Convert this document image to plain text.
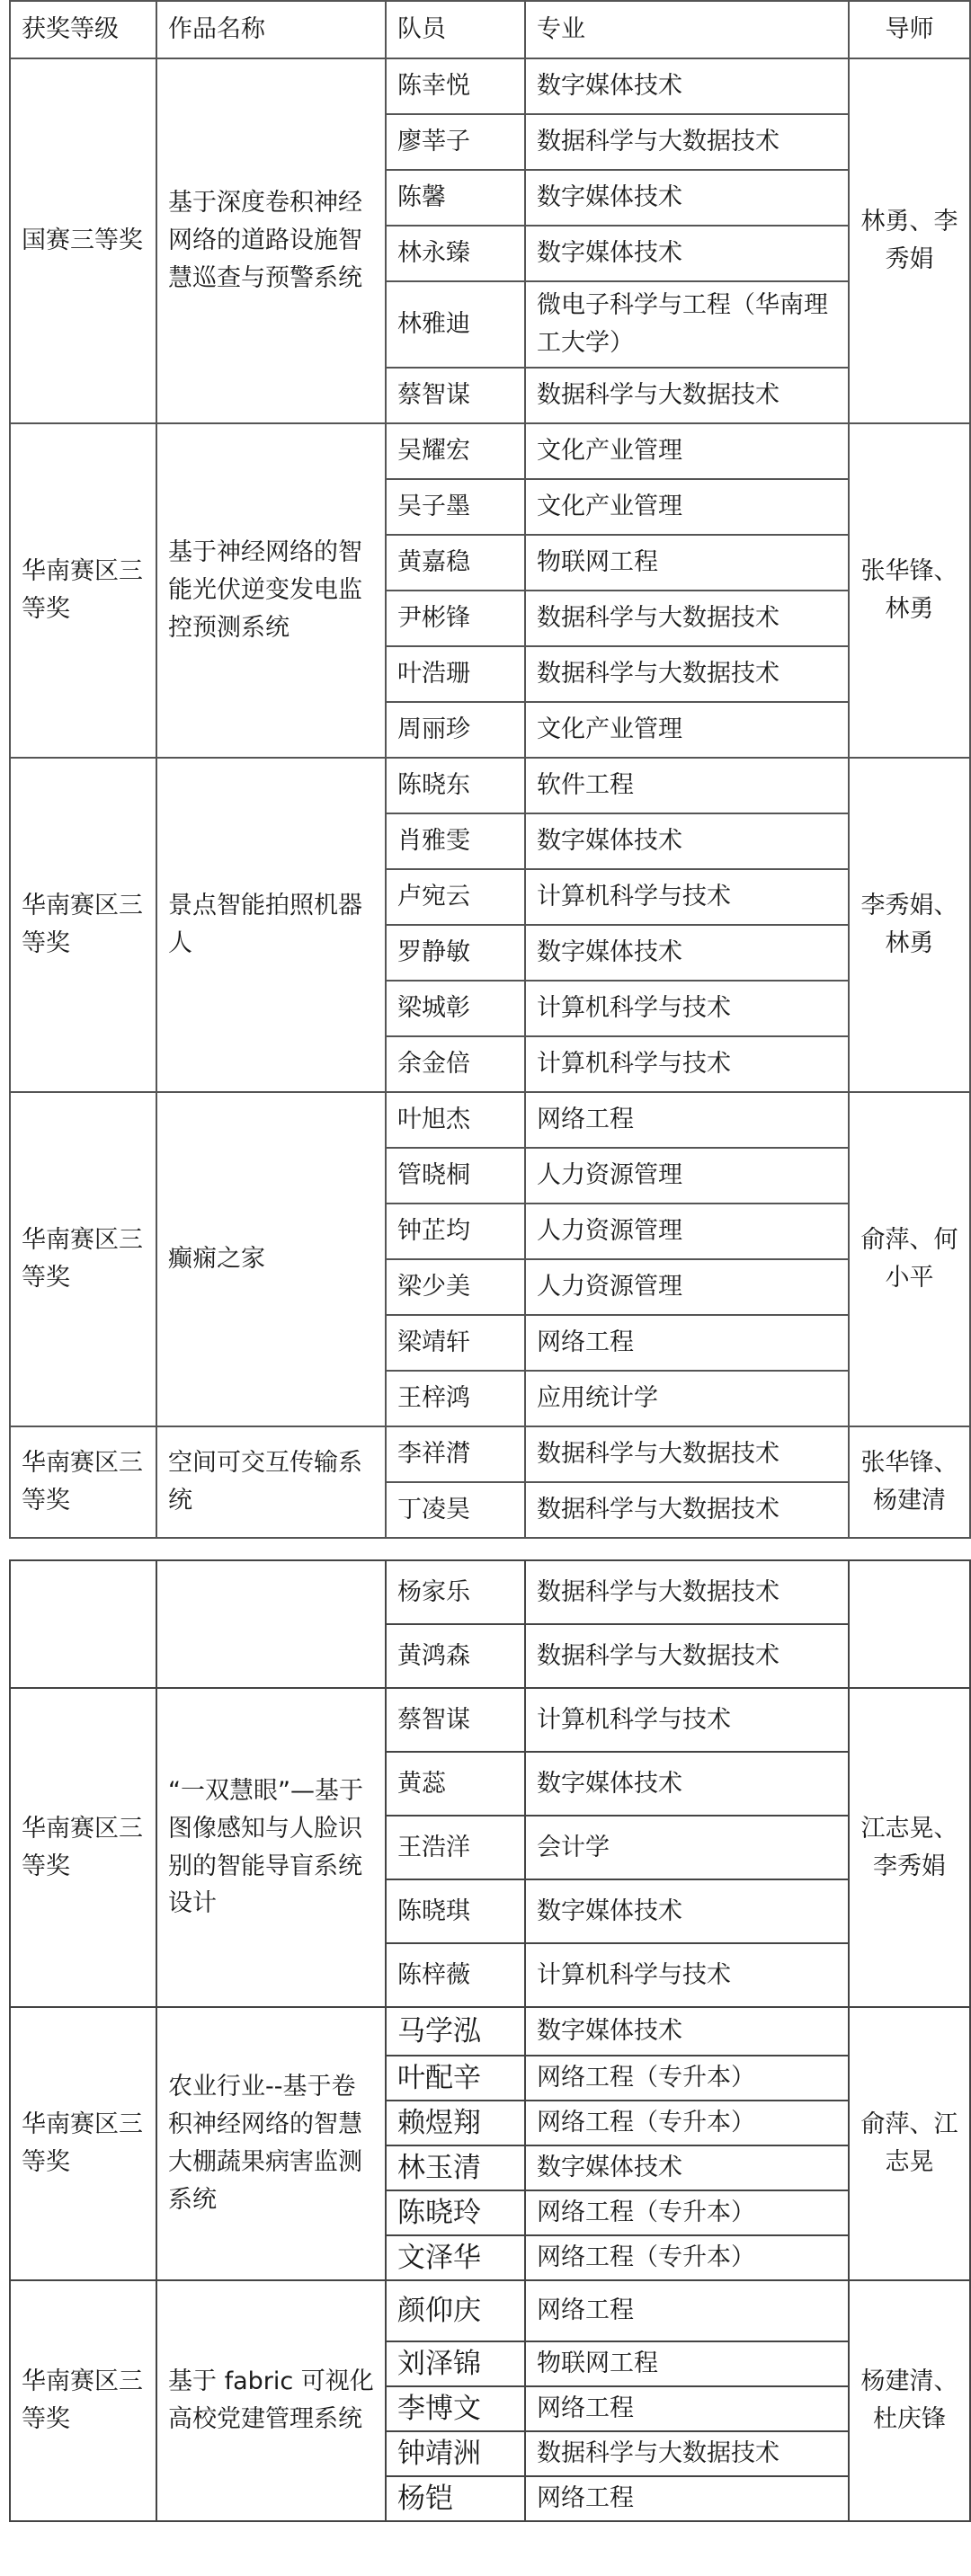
获奖等级	作品名称	队员	专业	导师
国赛三等奖	基于深度卷积神经网络的道路设施智慧巡查与预警系统	陈幸悦	数字媒体技术	林勇、李秀娟
		廖莘子	数据科学与大数据技术	
		陈馨	数字媒体技术	
		林永臻	数字媒体技术	
		林雅迪	微电子科学与工程（华南理工大学）	
		蔡智谋	数据科学与大数据技术	
华南赛区三等奖	基于神经网络的智能光伏逆变发电监控预测系统	吴耀宏	文化产业管理	张华锋、林勇
		吴子墨	文化产业管理	
		黄嘉稳	物联网工程	
		尹彬锋	数据科学与大数据技术	
		叶浩珊	数据科学与大数据技术	
		周丽珍	文化产业管理	
华南赛区三等奖	景点智能拍照机器人	陈晓东	软件工程	李秀娟、林勇
		肖雅雯	数字媒体技术	
		卢宛云	计算机科学与技术	
		罗静敏	数字媒体技术	
		梁城彰	计算机科学与技术	
		余金倍	计算机科学与技术	
华南赛区三等奖	癫痫之家	叶旭杰	网络工程	俞萍、何小平
		管晓桐	人力资源管理	
		钟芷均	人力资源管理	
		梁少美	人力资源管理	
		梁靖轩	网络工程	
		王梓鸿	应用统计学	
华南赛区三等奖	空间可交互传输系统	李祥潸	数据科学与大数据技术	张华锋、杨建清
		丁凌昊	数据科学与大数据技术	
		杨家乐	数据科学与大数据技术	
		黄鸿森	数据科学与大数据技术	
华南赛区三等奖	“一双慧眼”—基于图像感知与人脸识别的智能导盲系统设计	蔡智谋	计算机科学与技术	江志晃、李秀娟
		黄蕊	数字媒体技术	
		王浩洋	会计学	
		陈晓琪	数字媒体技术	
		陈梓薇	计算机科学与技术	
华南赛区三等奖	农业行业--基于卷积神经网络的智慧大棚蔬果病害监测系统	马学泓	数字媒体技术	俞萍、江志晃
		叶配辛	网络工程（专升本）	
		赖煜翔	网络工程（专升本）	
		林玉清	数字媒体技术	
		陈晓玲	网络工程（专升本）	
		文泽华	网络工程（专升本）	
华南赛区三等奖	基于 fabric 可视化高校党建管理系统	颜仰庆	网络工程	杨建清、杜庆锋
		刘泽锦	物联网工程	
		李博文	网络工程	
		钟靖洲	数据科学与大数据技术	
		杨铠	网络工程	
